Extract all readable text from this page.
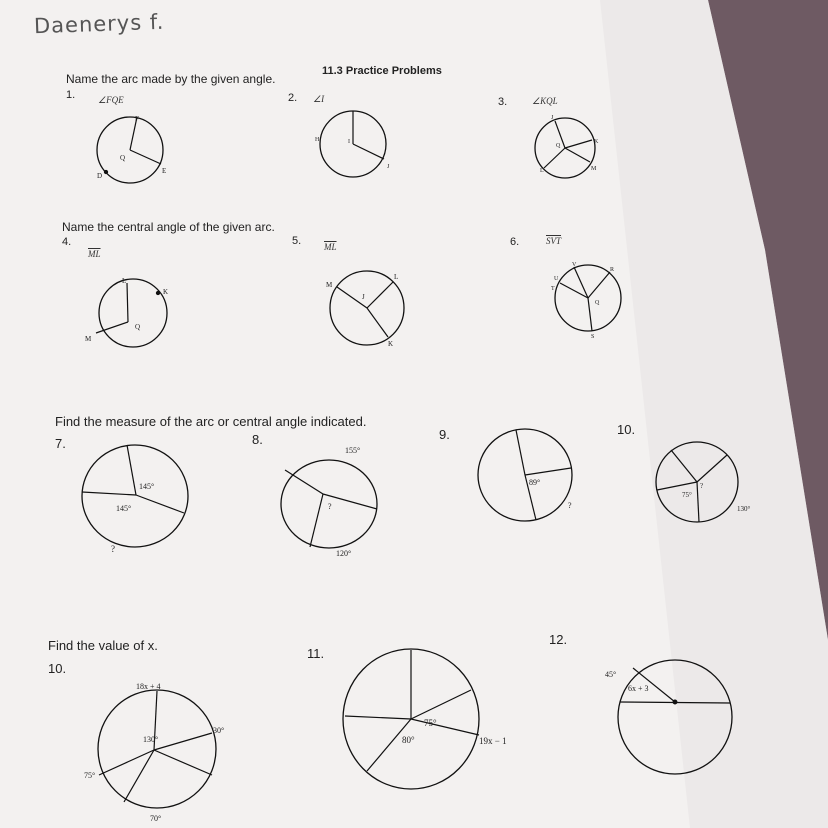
Daenerys f.
11.3 Practice Problems
Name the arc made by the given angle.
1.	∠FQE	2. ∠I	3.	∠KQL
Name the central angle of the given arc.
4.
$\overline{ML}$
5.	$\overline{ML}$	6.	$\overline{SVT}$
Find the measure of the arc or central angle indicated.
7.	8.	9.	10.
Find the value of x.
10.
11.
12.
F
Q
E
D
H	I
J
J
Q
K
M
L
L
K
Q
M
M
L
J
K
U
V
R
T
Q
S
145°
145°
?
155°
?
120°
89°
?
75°
?
130°
18x + 4
130°
30°
75°
70°
75°
80°	19x − 1
45°
6x + 3
